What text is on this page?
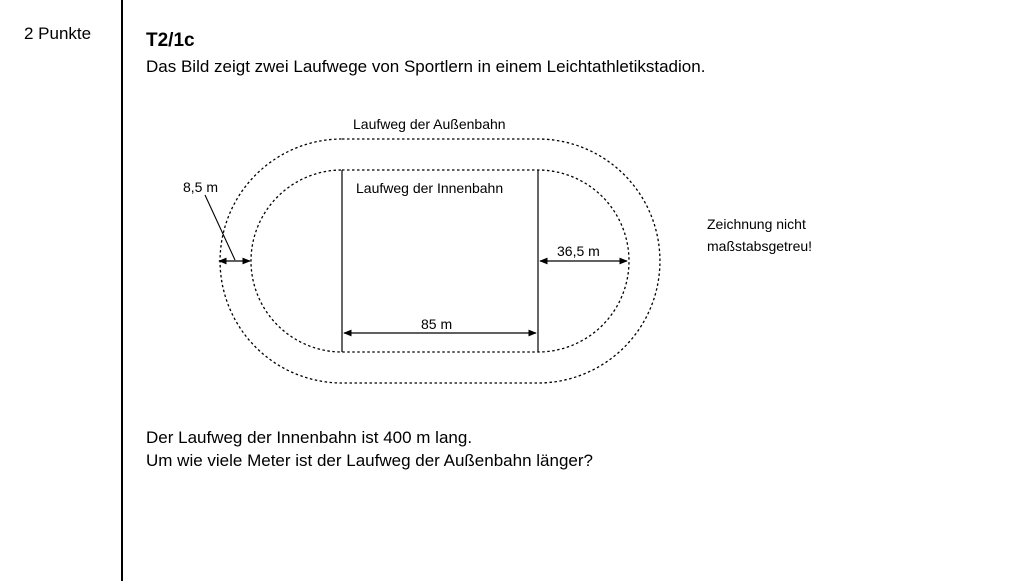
2 Punkte	T2/1c
Das Bild zeigt zwei Laufwege von Sportlern in einem Leichtathletikstadion.
Laufweg der Außenbahn
Laufweg der Innenbahn
8,5 m
36,5 m
85 m
Zeichnung nicht
maßstabsgetreu!
Der Laufweg der Innenbahn ist 400 m lang.
Um wie viele Meter ist der Laufweg der Außenbahn länger?
